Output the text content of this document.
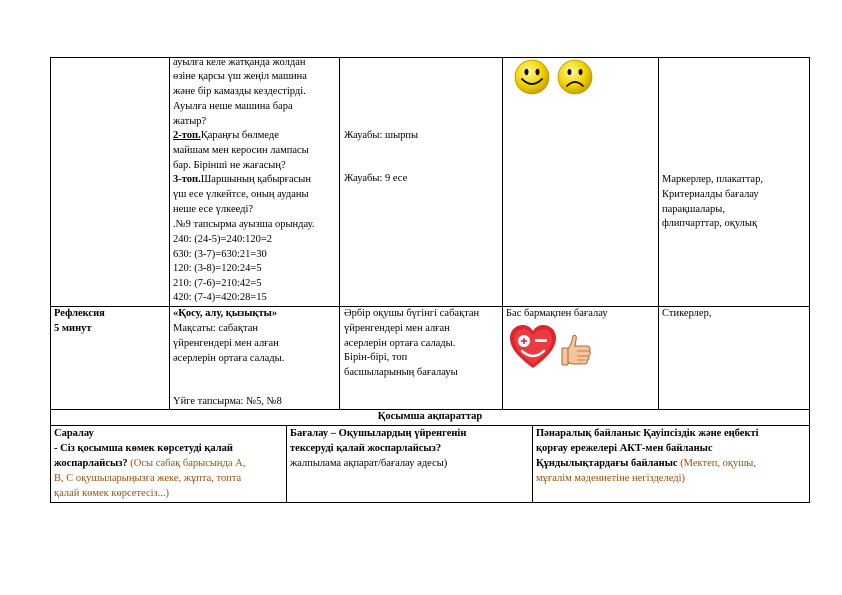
ауылға келе жатқанда жолдан
өзіне қарсы үш жеңіл машина
және бір камазды кездестірді.
Ауылға неше машина бара
жатыр?
2-топ.Қараңғы бөлмеде
майшам мен керосин лампасы
бар. Бірінші не жағасың?
3-топ.Шаршының қабырғасын
үш есе үлкейтсе, оның ауданы
неше есе үлкееді?
.№9 тапсырма ауызша орындау.
240: (24-5)=240:120=2
630: (3-7)=630:21=30
120: (3-8)=120:24=5
210: (7-6)=210:42=5
420: (7-4)=420:28=15
Жауабы: шырпы
Жауабы: 9 есе	Маркерлер, плакаттар,
Критериалды бағалау
парақшалары,
флипчарттар, оқулық
Рефлексия
5 минут
«Қосу, алу, қызықты»
Мақсаты: сабақтан
үйренгендері мен алған
әсерлерін ортаға салады.
Үйге тапсырма: №5, №8
Әрбір оқушы бүгінгі сабақтан
үйренгендері мен алған
әсерлерін ортаға салады.
Бірін-бірі, топ
басшыларының бағалауы
Бас бармақпен бағалау	Стикерлер,
Қосымша ақпараттар
Саралау
- Сіз қосымша көмек көрсетуді қалай
жоспарлайсыз? (Осы сабақ барысында А,
В, С оқушыларыңызға жеке, жұпта, топта
қалай көмек көрсетесіз...)
Бағалау – Оқушылардың үйренгенін
тексеруді қалай жоспарлайсыз?
жалпылама ақпарат/бағалау әдесы)
Пәнаралық байланыс Қауіпсіздік және еңбекті
қорғау ережелері АКТ-мен байланыс
Құндылықтардағы байланыс (Мектеп, оқушы,
мұғалім мәдениетіне негізделеді)
